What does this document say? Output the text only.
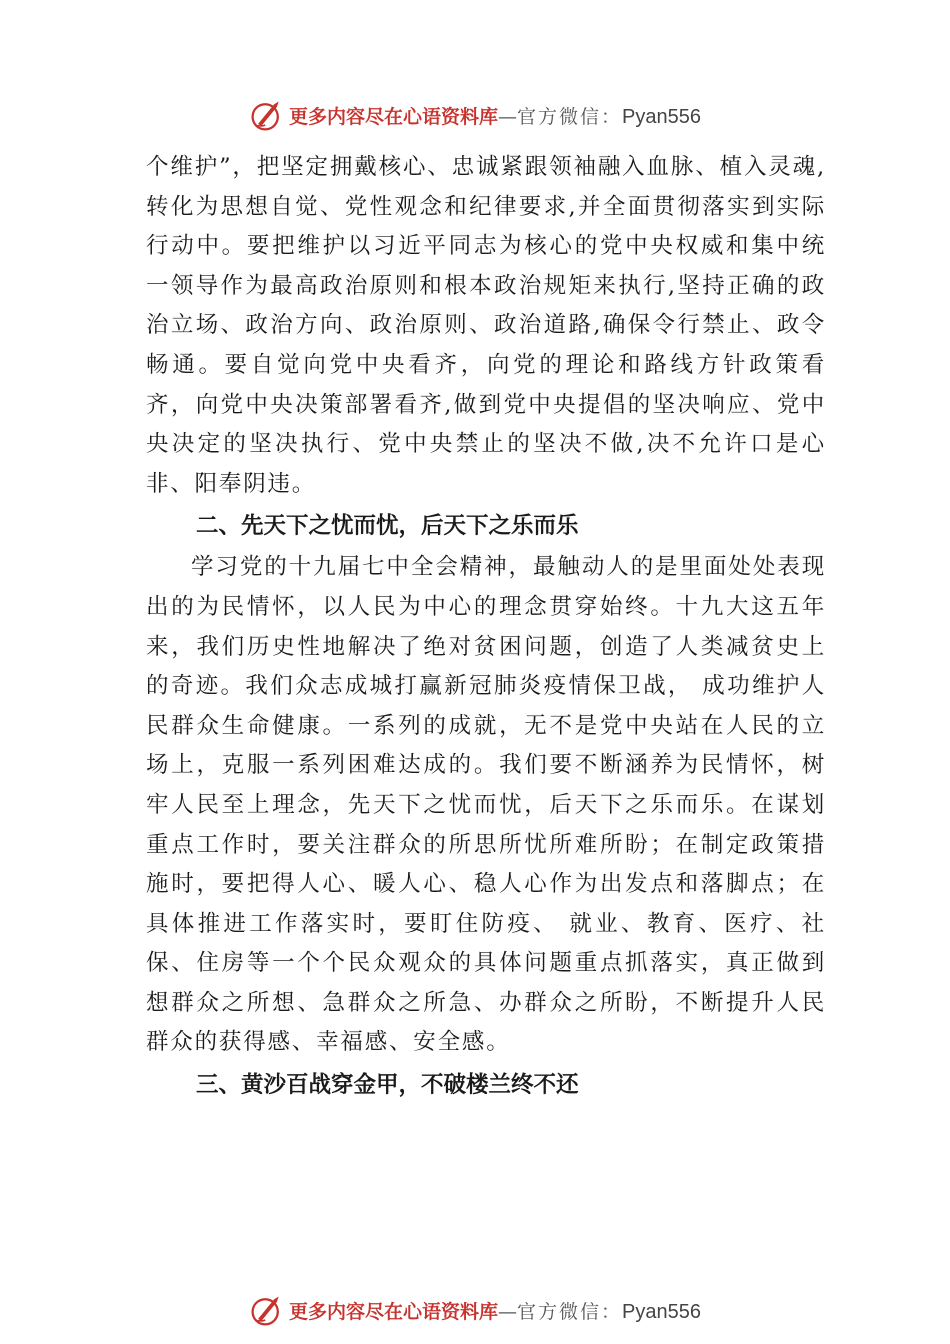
更多内容尽在心语资料库—官方微信：Pyan556

个维护”，把坚定拥戴核心、忠诚紧跟领袖融入血脉、植入灵魂,转化为思想自觉、党性观念和纪律要求,并全面贯彻落实到实际行动中。要把维护以习近平同志为核心的党中央权威和集中统一领导作为最高政治原则和根本政治规矩来执行,坚持正确的政治立场、政治方向、政治原则、政治道路,确保令行禁止、政令畅通。要自觉向党中央看齐，向党的理论和路线方针政策看齐，向党中央决策部署看齐,做到党中央提倡的坚决响应、党中央决定的坚决执行、党中央禁止的坚决不做,决不允许口是心非、阳奉阴违。

二、先天下之忧而忧，后天下之乐而乐

学习党的十九届七中全会精神，最触动人的是里面处处表现出的为民情怀，以人民为中心的理念贯穿始终。十九大这五年来，我们历史性地解决了绝对贫困问题，创造了人类减贫史上的奇迹。我们众志成城打赢新冠肺炎疫情保卫战， 成功维护人民群众生命健康。一系列的成就，无不是党中央站在人民的立场上，克服一系列困难达成的。我们要不断涵养为民情怀，树牢人民至上理念，先天下之忧而忧，后天下之乐而乐。在谋划重点工作时，要关注群众的所思所忧所难所盼；在制定政策措施时，要把得人心、暖人心、稳人心作为出发点和落脚点；在具体推进工作落实时，要盯住防疫、 就业、教育、医疗、社保、住房等一个个民众观众的具体问题重点抓落实，真正做到想群众之所想、急群众之所急、办群众之所盼，不断提升人民群众的获得感、幸福感、安全感。

三、黄沙百战穿金甲，不破楼兰终不还

更多内容尽在心语资料库—官方微信：Pyan556
